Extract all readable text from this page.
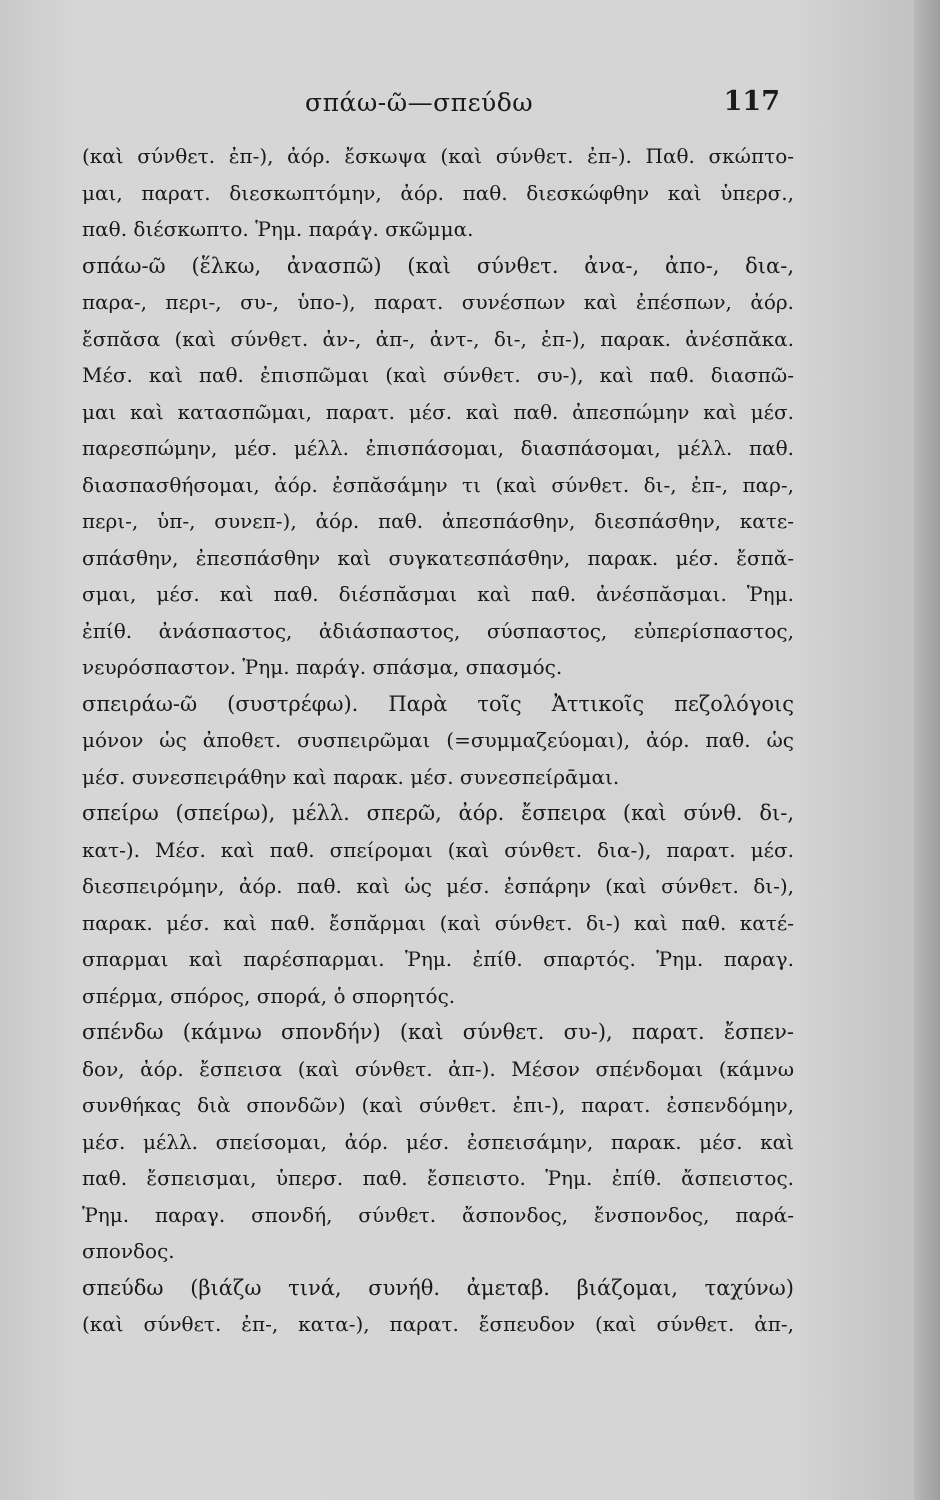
σπάω-ῶ—σπεύδω	117
(καὶ σύνθετ. ἐπ-), ἀόρ. ἔσκωψα (καὶ σύνθετ. ἐπ-). Παθ. σκώπτο-
μαι, παρατ. διεσκωπτόμην, ἀόρ. παθ. διεσκώφθην καὶ ὑπερσ.,
παθ. διέσκωπτο. Ῥημ. παράγ. σκῶμμα.
σπάω-ῶ (ἕλκω, ἀνασπῶ) (καὶ σύνθετ. ἀνα-, ἀπο-, δια-,
παρα-, περι-, συ-, ὑπο-), παρατ. συνέσπων καὶ ἐπέσπων, ἀόρ.
ἔσπᾰσα (καὶ σύνθετ. ἀν-, ἀπ-, ἀντ-, δι-, ἐπ-), παρακ. ἀνέσπᾰκα.
Μέσ. καὶ παθ. ἐπισπῶμαι (καὶ σύνθετ. συ-), καὶ παθ. διασπῶ-
μαι καὶ κατασπῶμαι, παρατ. μέσ. καὶ παθ. ἀπεσπώμην καὶ μέσ.
παρεσπώμην, μέσ. μέλλ. ἐπισπάσομαι, διασπάσομαι, μέλλ. παθ.
διασπασθήσομαι, ἀόρ. ἐσπᾰσάμην τι (καὶ σύνθετ. δι-, ἐπ-, παρ-,
περι-, ὑπ-, συνεπ-), ἀόρ. παθ. ἀπεσπάσθην, διεσπάσθην, κατε-
σπάσθην, ἐπεσπάσθην καὶ συγκατεσπάσθην, παρακ. μέσ. ἔσπᾰ-
σμαι, μέσ. καὶ παθ. διέσπᾰσμαι καὶ παθ. ἀνέσπᾰσμαι. Ῥημ.
ἐπίθ. ἀνάσπαστος, ἀδιάσπαστος, σύσπαστος, εὐπερίσπαστος,
νευρόσπαστον. Ῥημ. παράγ. σπάσμα, σπασμός.
σπειράω-ῶ (συστρέφω). Παρὰ τοῖς Ἀττικοῖς πεζολόγοις
μόνον ὡς ἀποθετ. συσπειρῶμαι (=συμμαζεύομαι), ἀόρ. παθ. ὡς
μέσ. συνεσπειράθην καὶ παρακ. μέσ. συνεσπείρᾱμαι.
σπείρω (σπείρω), μέλλ. σπερῶ, ἀόρ. ἔσπειρα (καὶ σύνθ. δι-,
κατ-). Μέσ. καὶ παθ. σπείρομαι (καὶ σύνθετ. δια-), παρατ. μέσ.
διεσπειρόμην, ἀόρ. παθ. καὶ ὡς μέσ. ἐσπάρην (καὶ σύνθετ. δι-),
παρακ. μέσ. καὶ παθ. ἔσπᾰρμαι (καὶ σύνθετ. δι-) καὶ παθ. κατέ-
σπαρμαι καὶ παρέσπαρμαι. Ῥημ. ἐπίθ. σπαρτός. Ῥημ. παραγ.
σπέρμα, σπόρος, σπορά, ὁ σπορητός.
σπένδω (κάμνω σπονδήν) (καὶ σύνθετ. συ-), παρατ. ἔσπεν-
δον, ἀόρ. ἔσπεισα (καὶ σύνθετ. ἀπ-). Μέσον σπένδομαι (κάμνω
συνθήκας διὰ σπονδῶν) (καὶ σύνθετ. ἐπι-), παρατ. ἐσπενδόμην,
μέσ. μέλλ. σπείσομαι, ἀόρ. μέσ. ἐσπεισάμην, παρακ. μέσ. καὶ
παθ. ἔσπεισμαι, ὑπερσ. παθ. ἔσπειστο. Ῥημ. ἐπίθ. ἄσπειστος.
Ῥημ. παραγ. σπονδή, σύνθετ. ἄσπονδος, ἔνσπονδος, παρά-
σπονδος.
σπεύδω (βιάζω τινά, συνήθ. ἀμεταβ. βιάζομαι, ταχύνω)
(καὶ σύνθετ. ἐπ-, κατα-), παρατ. ἔσπευδον (καὶ σύνθετ. ἀπ-,
